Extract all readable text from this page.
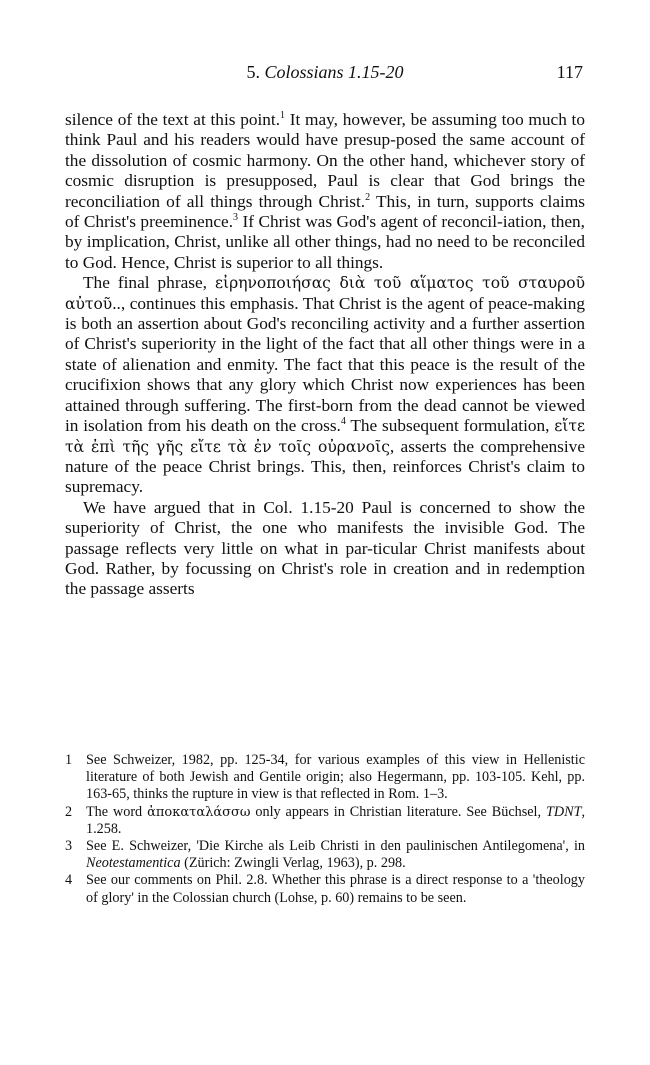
5. Colossians 1.15-20	117

silence of the text at this point.$^1$ It may, however, be assuming too much to think Paul and his readers would have presup-posed the same account of the dissolution of cosmic harmony. On the other hand, whichever story of cosmic disruption is presupposed, Paul is clear that God brings the reconciliation of all things through Christ.$^2$ This, in turn, supports claims of Christ's preeminence.$^3$ If Christ was God's agent of reconcil-iation, then, by implication, Christ, unlike all other things, had no need to be reconciled to God. Hence, Christ is superior to all things.

The final phrase, εἰρηνοποιήσας διὰ τοῦ αἵματος τοῦ σταυροῦ αὐτοῦ.., continues this emphasis. That Christ is the agent of peace-making is both an assertion about God's reconciling activity and a further assertion of Christ's superiority in the light of the fact that all other things were in a state of alienation and enmity. The fact that this peace is the result of the crucifixion shows that any glory which Christ now experiences has been attained through suffering. The first-born from the dead cannot be viewed in isolation from his death on the cross.$^4$ The subsequent formulation, εἴτε τὰ ἐπὶ τῆς γῆς εἴτε τὰ ἐν τοῖς οὐρανοῖς, asserts the comprehensive nature of the peace Christ brings. This, then, reinforces Christ's claim to supremacy.

We have argued that in Col. 1.15-20 Paul is concerned to show the superiority of Christ, the one who manifests the invisible God. The passage reflects very little on what in par-ticular Christ manifests about God. Rather, by focussing on Christ's role in creation and in redemption the passage asserts

1 See Schweizer, 1982, pp. 125-34, for various examples of this view in Hellenistic literature of both Jewish and Gentile origin; also Hegermann, pp. 103-105. Kehl, pp. 163-65, thinks the rupture in view is that reflected in Rom. 1–3.

2 The word ἀποκαταλάσσω only appears in Christian literature. See Büchsel, TDNT, 1.258.

3 See E. Schweizer, 'Die Kirche als Leib Christi in den paulinischen Antilegomena', in Neotestamentica (Zürich: Zwingli Verlag, 1963), p. 298.

4 See our comments on Phil. 2.8. Whether this phrase is a direct response to a 'theology of glory' in the Colossian church (Lohse, p. 60) remains to be seen.
